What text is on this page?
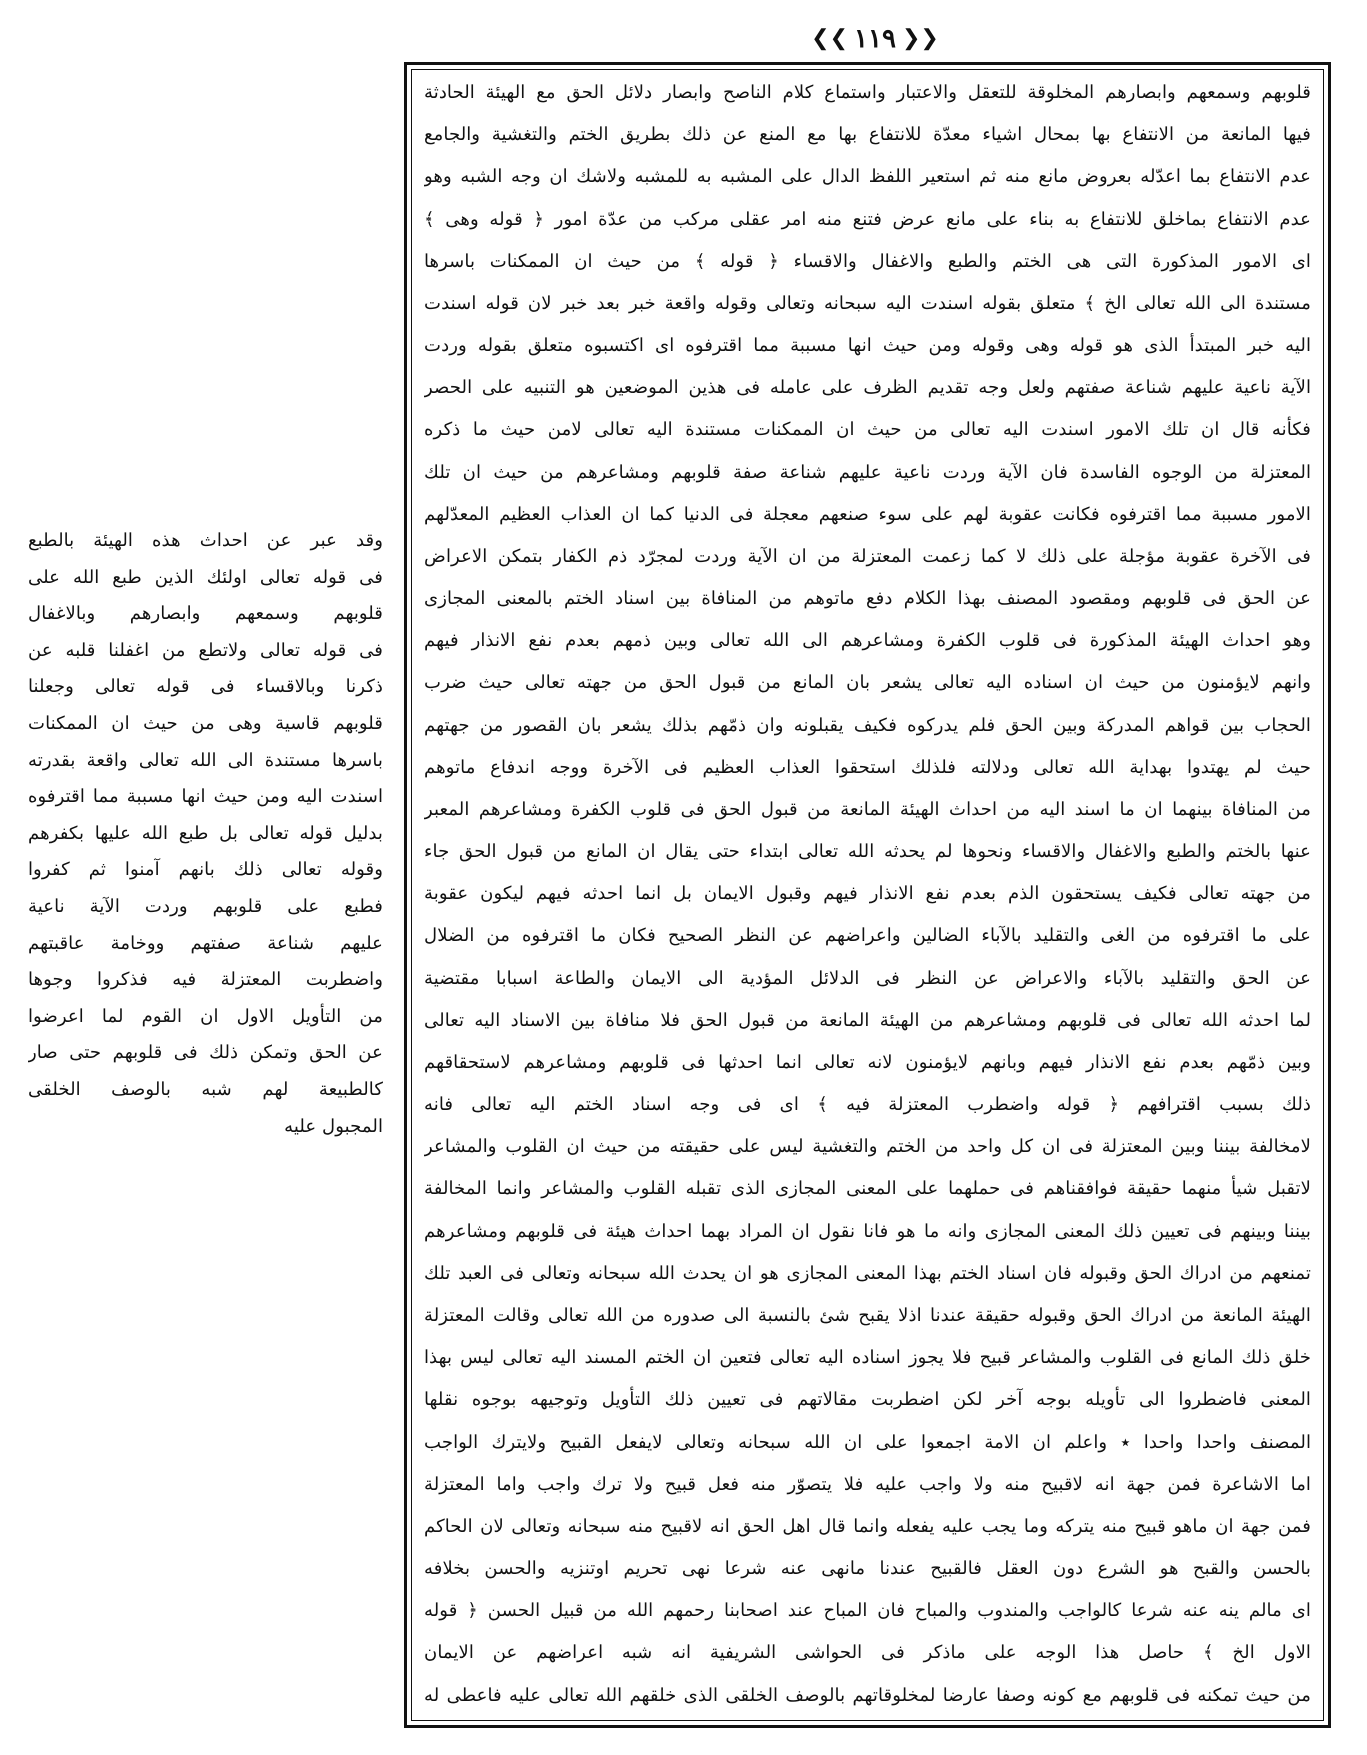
❮❮
١١٩
❯❯
قلوبهم وسمعهم وابصارهم المخلوقة للتعقل والاعتبار واستماع كلام الناصح وابصار دلائل الحق مع الهيئة الحادثة
فيها المانعة من الانتفاع بها بمحال اشياء معدّة للانتفاع بها مع المنع عن ذلك بطريق الختم والتغشية والجامع
عدم الانتفاع بما اعدّله بعروض مانع منه ثم استعير اللفظ الدال على المشبه به للمشبه ولاشك ان وجه الشبه وهو
عدم الانتفاع بماخلق للانتفاع به بناء على مانع عرض فتنع منه امر عقلى مركب من عدّة امور ﴿ قوله وهى ﴾
اى الامور المذكورة التى هى الختم والطبع والاغفال والاقساء ﴿ قوله ﴾ من حيث ان الممكنات باسرها
مستندة الى الله تعالى الخ ﴾ متعلق بقوله اسندت اليه سبحانه وتعالى وقوله واقعة خبر بعد خبر لان قوله اسندت
اليه خبر المبتدأ الذى هو قوله وهى وقوله ومن حيث انها مسببة مما اقترفوه اى اكتسبوه متعلق بقوله وردت
الآية ناعية عليهم شناعة صفتهم ولعل وجه تقديم الظرف على عامله فى هذين الموضعين هو التنبيه على الحصر
فكأنه قال ان تلك الامور اسندت اليه تعالى من حيث ان الممكنات مستندة اليه تعالى لامن حيث ما ذكره
المعتزلة من الوجوه الفاسدة فان الآية وردت ناعية عليهم شناعة صفة قلوبهم ومشاعرهم من حيث ان تلك
الامور مسببة مما اقترفوه فكانت عقوبة لهم على سوء صنعهم معجلة فى الدنيا كما ان العذاب العظيم المعدّلهم
فى الآخرة عقوبة مؤجلة على ذلك لا كما زعمت المعتزلة من ان الآية وردت لمجرّد ذم الكفار بتمكن الاعراض
عن الحق فى قلوبهم ومقصود المصنف بهذا الكلام دفع ماتوهم من المنافاة بين اسناد الختم بالمعنى المجازى
وهو احداث الهيئة المذكورة فى قلوب الكفرة ومشاعرهم الى الله تعالى وبين ذمهم بعدم نفع الانذار فيهم
وانهم لايؤمنون من حيث ان اسناده اليه تعالى يشعر بان المانع من قبول الحق من جهته تعالى حيث ضرب
الحجاب بين قواهم المدركة وبين الحق فلم يدركوه فكيف يقبلونه وان ذمّهم بذلك يشعر بان القصور من جهتهم
حيث لم يهتدوا بهداية الله تعالى ودلالته فلذلك استحقوا العذاب العظيم فى الآخرة ووجه اندفاع ماتوهم
من المنافاة بينهما ان ما اسند اليه من احداث الهيئة المانعة من قبول الحق فى قلوب الكفرة ومشاعرهم المعبر
عنها بالختم والطبع والاغفال والاقساء ونحوها لم يحدثه الله تعالى ابتداء حتى يقال ان المانع من قبول الحق جاء
من جهته تعالى فكيف يستحقون الذم بعدم نفع الانذار فيهم وقبول الايمان بل انما احدثه فيهم ليكون عقوبة
على ما اقترفوه من الغى والتقليد بالآباء الضالين واعراضهم عن النظر الصحيح فكان ما اقترفوه من الضلال
عن الحق والتقليد بالآباء والاعراض عن النظر فى الدلائل المؤدية الى الايمان والطاعة اسبابا مقتضية
لما احدثه الله تعالى فى قلوبهم ومشاعرهم من الهيئة المانعة من قبول الحق فلا منافاة بين الاسناد اليه تعالى
وبين ذمّهم بعدم نفع الانذار فيهم وبانهم لايؤمنون لانه تعالى انما احدثها فى قلوبهم ومشاعرهم لاستحقاقهم
ذلك بسبب اقترافهم ﴿ قوله واضطرب المعتزلة فيه ﴾ اى فى وجه اسناد الختم اليه تعالى فانه
لامخالفة بيننا وبين المعتزلة فى ان كل واحد من الختم والتغشية ليس على حقيقته من حيث ان القلوب والمشاعر
لاتقبل شيأ منهما حقيقة فوافقناهم فى حملهما على المعنى المجازى الذى تقبله القلوب والمشاعر وانما المخالفة
بيننا وبينهم فى تعيين ذلك المعنى المجازى وانه ما هو فانا نقول ان المراد بهما احداث هيئة فى قلوبهم ومشاعرهم
تمنعهم من ادراك الحق وقبوله فان اسناد الختم بهذا المعنى المجازى هو ان يحدث الله سبحانه وتعالى فى العبد تلك
الهيئة المانعة من ادراك الحق وقبوله حقيقة عندنا اذلا يقبح شئ بالنسبة الى صدوره من الله تعالى وقالت المعتزلة
خلق ذلك المانع فى القلوب والمشاعر قبيح فلا يجوز اسناده اليه تعالى فتعين ان الختم المسند اليه تعالى ليس بهذا
المعنى فاضطروا الى تأويله بوجه آخر لكن اضطربت مقالاتهم فى تعيين ذلك التأويل وتوجيهه بوجوه نقلها
المصنف واحدا واحدا ٭ واعلم ان الامة اجمعوا على ان الله سبحانه وتعالى لايفعل القبيح ولايترك الواجب
اما الاشاعرة فمن جهة انه لاقبيح منه ولا واجب عليه فلا يتصوّر منه فعل قبيح ولا ترك واجب واما المعتزلة
فمن جهة ان ماهو قبيح منه يتركه وما يجب عليه يفعله وانما قال اهل الحق انه لاقبيح منه سبحانه وتعالى لان الحاكم
بالحسن والقبح هو الشرع دون العقل فالقبيح عندنا مانهى عنه شرعا نهى تحريم اوتنزيه والحسن بخلافه
اى مالم ينه عنه شرعا كالواجب والمندوب والمباح فان المباح عند اصحابنا رحمهم الله من قبيل الحسن ﴿ قوله
الاول الخ ﴾ حاصل هذا الوجه على ماذكر فى الحواشى الشريفية انه شبه اعراضهم عن الايمان
من حيث تمكنه فى قلوبهم مع كونه وصفا عارضا لمخلوقاتهم بالوصف الخلقى الذى خلقهم الله تعالى عليه فاعطى له
وقد عبر عن احداث هذه الهيئة بالطبع
فى قوله تعالى اولئك الذين طبع الله على
قلوبهم وسمعهم وابصارهم وبالاغفال
فى قوله تعالى ولاتطع من اغفلنا قلبه عن
ذكرنا وبالاقساء فى قوله تعالى وجعلنا
قلوبهم قاسية وهى من حيث ان الممكنات
باسرها مستندة الى الله تعالى واقعة بقدرته
اسندت اليه ومن حيث انها مسببة مما اقترفوه
بدليل قوله تعالى بل طبع الله عليها بكفرهم
وقوله تعالى ذلك بانهم آمنوا ثم كفروا
فطبع على قلوبهم وردت الآية ناعية
عليهم شناعة صفتهم ووخامة عاقبتهم
واضطربت المعتزلة فيه فذكروا وجوها
من التأويل الاول ان القوم لما اعرضوا
عن الحق وتمكن ذلك فى قلوبهم حتى صار
كالطبيعة لهم شبه بالوصف الخلقى
المجبول عليه
